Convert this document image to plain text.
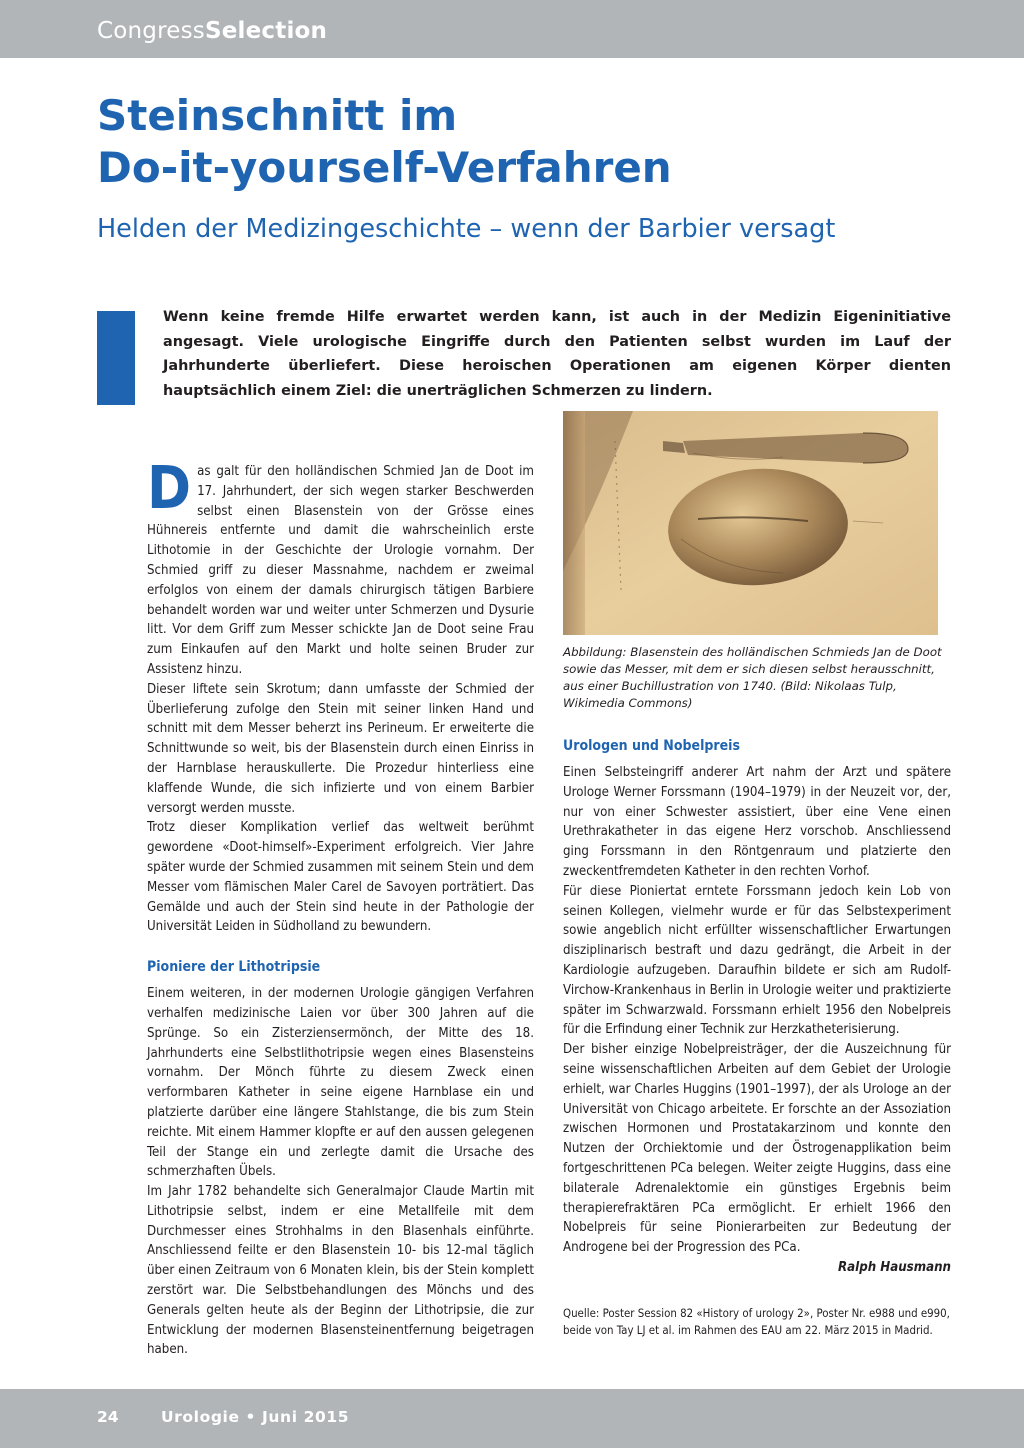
CongressSelection
Steinschnitt im
Do-it-yourself-Verfahren

Helden der Medizingeschichte – wenn der Barbier versagt

Wenn keine fremde Hilfe erwartet werden kann, ist auch in der Medizin Eigeninitiative angesagt. Viele urologische Eingriffe durch den Patienten selbst wurden im Lauf der Jahrhunderte überliefert. Diese heroischen Operationen am eigenen Körper dienten hauptsächlich einem Ziel: die unerträglichen Schmerzen zu lindern.

Das galt für den holländischen Schmied Jan de Doot im 17. Jahrhundert, der sich wegen starker Beschwerden selbst einen Blasenstein von der Grösse eines Hühnereis entfernte und damit die wahrscheinlich erste Lithotomie in der Geschichte der Urologie vornahm. Der Schmied griff zu dieser Massnahme, nachdem er zweimal erfolglos von einem der damals chirurgisch tätigen Barbiere behandelt worden war und weiter unter Schmerzen und Dysurie litt. Vor dem Griff zum Messer schickte Jan de Doot seine Frau zum Einkaufen auf den Markt und holte seinen Bruder zur Assistenz hinzu.

Dieser liftete sein Skrotum; dann umfasste der Schmied der Überlieferung zufolge den Stein mit seiner linken Hand und schnitt mit dem Messer beherzt ins Perineum. Er erweiterte die Schnittwunde so weit, bis der Blasenstein durch einen Einriss in der Harnblase herauskullerte. Die Prozedur hinterliess eine klaffende Wunde, die sich infizierte und von einem Barbier versorgt werden musste.

Trotz dieser Komplikation verlief das weltweit berühmt gewordene «Doot-himself»-Experiment erfolgreich. Vier Jahre später wurde der Schmied zusammen mit seinem Stein und dem Messer vom flämischen Maler Carel de Savoyen porträtiert. Das Gemälde und auch der Stein sind heute in der Pathologie der Universität Leiden in Südholland zu bewundern.

Pioniere der Lithotripsie

Einem weiteren, in der modernen Urologie gängigen Verfahren verhalfen medizinische Laien vor über 300 Jahren auf die Sprünge. So ein Zisterziensermönch, der Mitte des 18. Jahrhunderts eine Selbstlithotripsie wegen eines Blasensteins vornahm. Der Mönch führte zu diesem Zweck einen verformbaren Katheter in seine eigene Harnblase ein und platzierte darüber eine längere Stahlstange, die bis zum Stein reichte. Mit einem Hammer klopfte er auf den aussen gelegenen Teil der Stange ein und zerlegte damit die Ursache des schmerzhaften Übels.

Im Jahr 1782 behandelte sich Generalmajor Claude Martin mit Lithotripsie selbst, indem er eine Metallfeile mit dem Durchmesser eines Strohhalms in den Blasenhals einführte. Anschliessend feilte er den Blasenstein 10- bis 12-mal täglich über einen Zeitraum von 6 Monaten klein, bis der Stein komplett zerstört war. Die Selbstbehandlungen des Mönchs und des Generals gelten heute als der Beginn der Lithotripsie, die zur Entwicklung der modernen Blasensteinentfernung beigetragen haben.

Abbildung: Blasenstein des holländischen Schmieds Jan de Doot sowie das Messer, mit dem er sich diesen selbst herausschnitt, aus einer Buchillustration von 1740. (Bild: Nikolaas Tulp, Wikimedia Commons)

Urologen und Nobelpreis

Einen Selbsteingriff anderer Art nahm der Arzt und spätere Urologe Werner Forssmann (1904–1979) in der Neuzeit vor, der, nur von einer Schwester assistiert, über eine Vene einen Urethrakatheter in das eigene Herz vorschob. Anschliessend ging Forssmann in den Röntgenraum und platzierte den zweckentfremdeten Katheter in den rechten Vorhof.

Für diese Pioniertat erntete Forssmann jedoch kein Lob von seinen Kollegen, vielmehr wurde er für das Selbstexperiment sowie angeblich nicht erfüllter wissenschaftlicher Erwartungen disziplinarisch bestraft und dazu gedrängt, die Arbeit in der Kardiologie aufzugeben. Daraufhin bildete er sich am Rudolf-Virchow-Krankenhaus in Berlin in Urologie weiter und praktizierte später im Schwarzwald. Forssmann erhielt 1956 den Nobelpreis für die Erfindung einer Technik zur Herzkatheterisierung.

Der bisher einzige Nobelpreisträger, der die Auszeichnung für seine wissenschaftlichen Arbeiten auf dem Gebiet der Urologie erhielt, war Charles Huggins (1901–1997), der als Urologe an der Universität von Chicago arbeitete. Er forschte an der Assoziation zwischen Hormonen und Prostatakarzinom und konnte den Nutzen der Orchiektomie und der Östrogenapplikation beim fortgeschrittenen PCa belegen. Weiter zeigte Huggins, dass eine bilaterale Adrenalektomie ein günstiges Ergebnis beim therapierefraktären PCa ermöglicht. Er erhielt 1966 den Nobelpreis für seine Pionierarbeiten zur Bedeutung der Androgene bei der Progression des PCa.

Ralph Hausmann

Quelle: Poster Session 82 «History of urology 2», Poster Nr. e988 und e990, beide von Tay LJ et al. im Rahmen des EAU am 22. März 2015 in Madrid.

24	Urologie • Juni 2015
